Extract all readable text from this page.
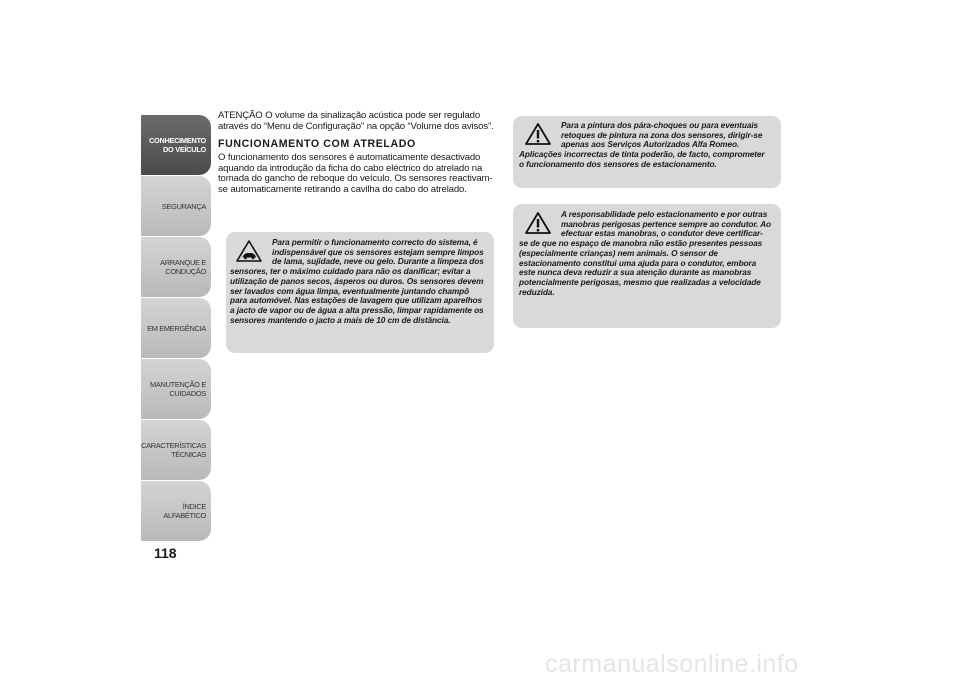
CONHECIMENTO
DO VEÍCULO
SEGURANÇA
ARRANQUE E
CONDUÇÃO
EM EMERGÊNCIA
MANUTENÇÃO E
CUIDADOS
CARACTERÍSTICAS
TÉCNICAS
ÍNDICE ALFABÉTICO
118

ATENÇÃO O volume da sinalização acústica pode ser regulado através do “Menu de Configuração" na opção “Volume dos avisos”.

FUNCIONAMENTO COM ATRELADO

O funcionamento dos sensores é automaticamente desactivado aquando da introdução da ficha do cabo eléctrico do atrelado na tomada do gancho de reboque do veículo. Os sensores reactivam-se automaticamente retirando a cavilha do cabo do atrelado.

Para permitir o funcionamento correcto do sistema, é indispensável que os sensores estejam sempre limpos de lama, sujidade, neve ou gelo. Durante a limpeza dos sensores, ter o máximo cuidado para não os danificar; evitar a utilização de panos secos, ásperos ou duros. Os sensores devem ser lavados com água limpa, eventualmente juntando champô para automóvel. Nas estações de lavagem que utilizam aparelhos a jacto de vapor ou de água a alta pressão, limpar rapidamente os sensores mantendo o jacto a mais de 10 cm de distância.

Para a pintura dos pára-choques ou para eventuais retoques de pintura na zona dos sensores, dirigir-se apenas aos Serviços Autorizados Alfa Romeo. Aplicações incorrectas de tinta poderão, de facto, comprometer o funcionamento dos sensores de estacionamento.

A responsabilidade pelo estacionamento e por outras manobras perigosas pertence sempre ao condutor. Ao efectuar estas manobras, o condutor deve certificar-se de que no espaço de manobra não estão presentes pessoas (especialmente crianças) nem animais. O sensor de estacionamento constitui uma ajuda para o condutor, embora este nunca deva reduzir a sua atenção durante as manobras potencialmente perigosas, mesmo que realizadas a velocidade reduzida.

carmanualsonline.info
